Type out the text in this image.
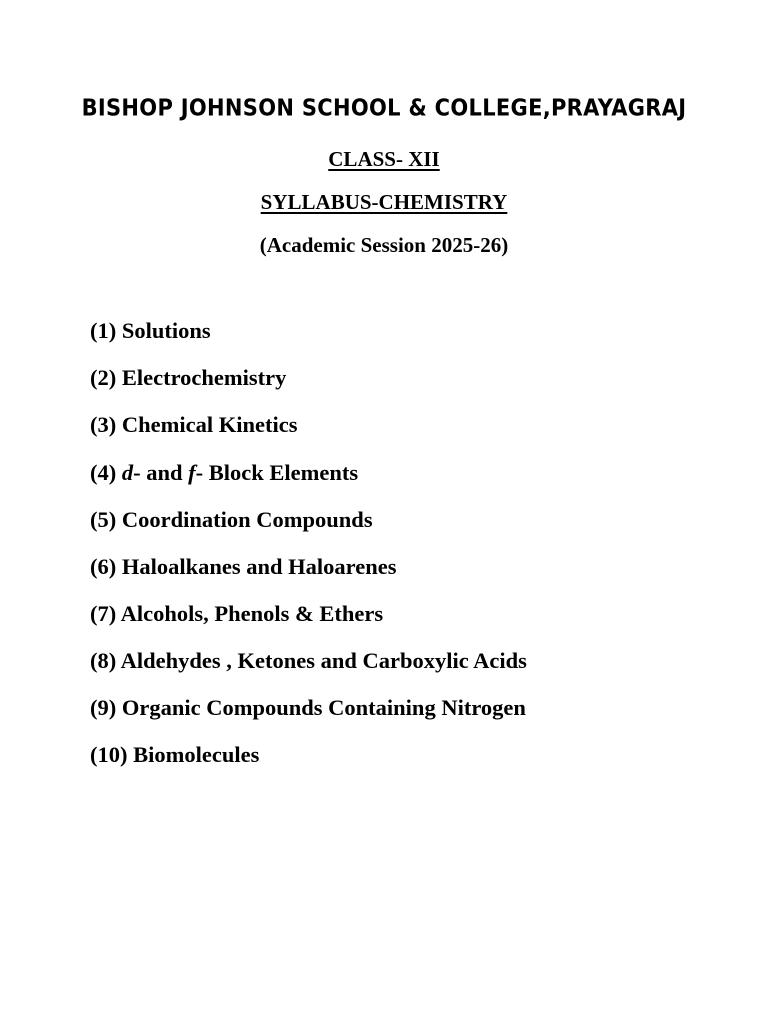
BISHOP JOHNSON SCHOOL & COLLEGE,PRAYAGRAJ
CLASS- XII
SYLLABUS-CHEMISTRY
(Academic Session 2025-26)
(1) Solutions
(2) Electrochemistry
(3) Chemical Kinetics
(4) d- and f- Block Elements
(5) Coordination Compounds
(6) Haloalkanes and Haloarenes
(7) Alcohols, Phenols & Ethers
(8) Aldehydes , Ketones and Carboxylic Acids
(9) Organic Compounds Containing Nitrogen
(10) Biomolecules
